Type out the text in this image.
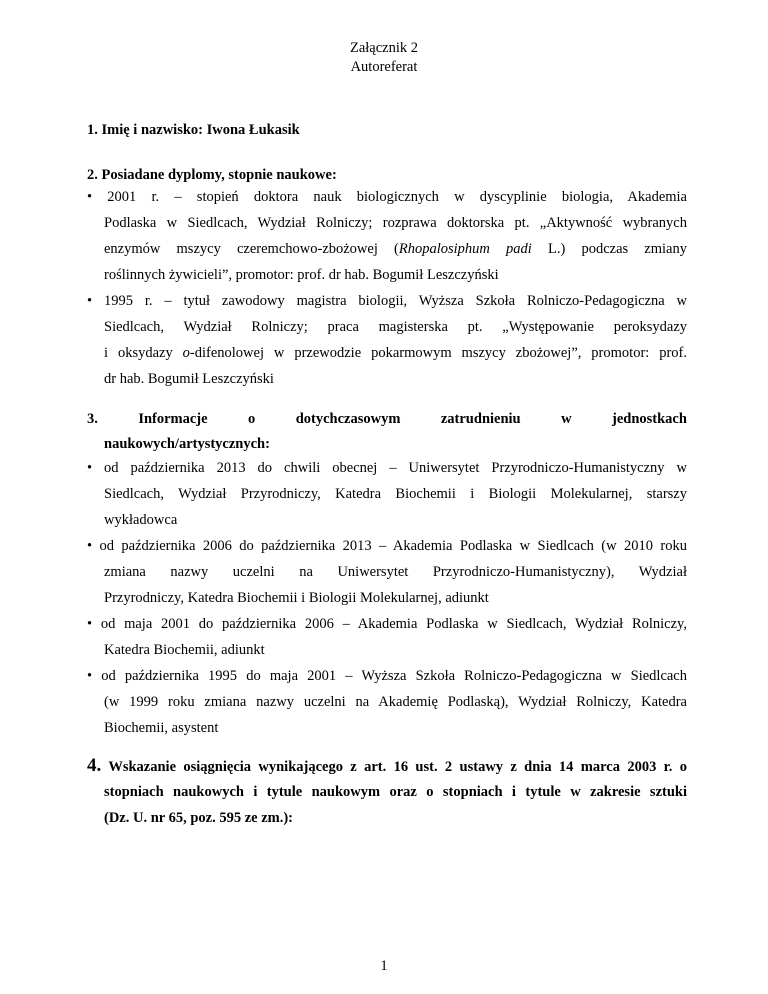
Załącznik 2
Autoreferat
1. Imię i nazwisko: Iwona Łukasik
2. Posiadane dyplomy, stopnie naukowe:
• 2001 r. – stopień doktora nauk biologicznych w dyscyplinie biologia, Akademia
Podlaska w Siedlcach, Wydział Rolniczy; rozprawa doktorska pt. „Aktywność wybranych
enzymów mszycy czeremchowo-zbożowej (Rhopalosiphum padi L.) podczas zmiany
roślinnych żywicieli”, promotor: prof. dr hab. Bogumił Leszczyński
• 1995 r. – tytuł zawodowy magistra biologii, Wyższa Szkoła Rolniczo-Pedagogiczna w
Siedlcach, Wydział Rolniczy; praca magisterska pt. „Występowanie peroksydazy
i oksydazy o-difenolowej w przewodzie pokarmowym mszycy zbożowej”, promotor: prof.
dr hab. Bogumił Leszczyński
3.	Informacje	o	dotychczasowym	zatrudnieniu	w	jednostkach
naukowych/artystycznych:
• od października 2013 do chwili obecnej – Uniwersytet Przyrodniczo-Humanistyczny w
Siedlcach, Wydział Przyrodniczy, Katedra Biochemii i Biologii Molekularnej, starszy
wykładowca
• od października 2006 do października 2013 – Akademia Podlaska w Siedlcach (w 2010 roku
zmiana nazwy uczelni na Uniwersytet Przyrodniczo-Humanistyczny), Wydział
Przyrodniczy, Katedra Biochemii i Biologii Molekularnej, adiunkt
• od maja 2001 do października 2006 – Akademia Podlaska w Siedlcach, Wydział Rolniczy,
Katedra Biochemii, adiunkt
• od października 1995 do maja 2001 – Wyższa Szkoła Rolniczo-Pedagogiczna w Siedlcach
(w 1999 roku zmiana nazwy uczelni na Akademię Podlaską), Wydział Rolniczy, Katedra
Biochemii, asystent
4. Wskazanie osiągnięcia wynikającego z art. 16 ust. 2 ustawy z dnia 14 marca 2003 r. o
stopniach naukowych i tytule naukowym oraz o stopniach i tytule w zakresie sztuki
(Dz. U. nr 65, poz. 595 ze zm.):
1
